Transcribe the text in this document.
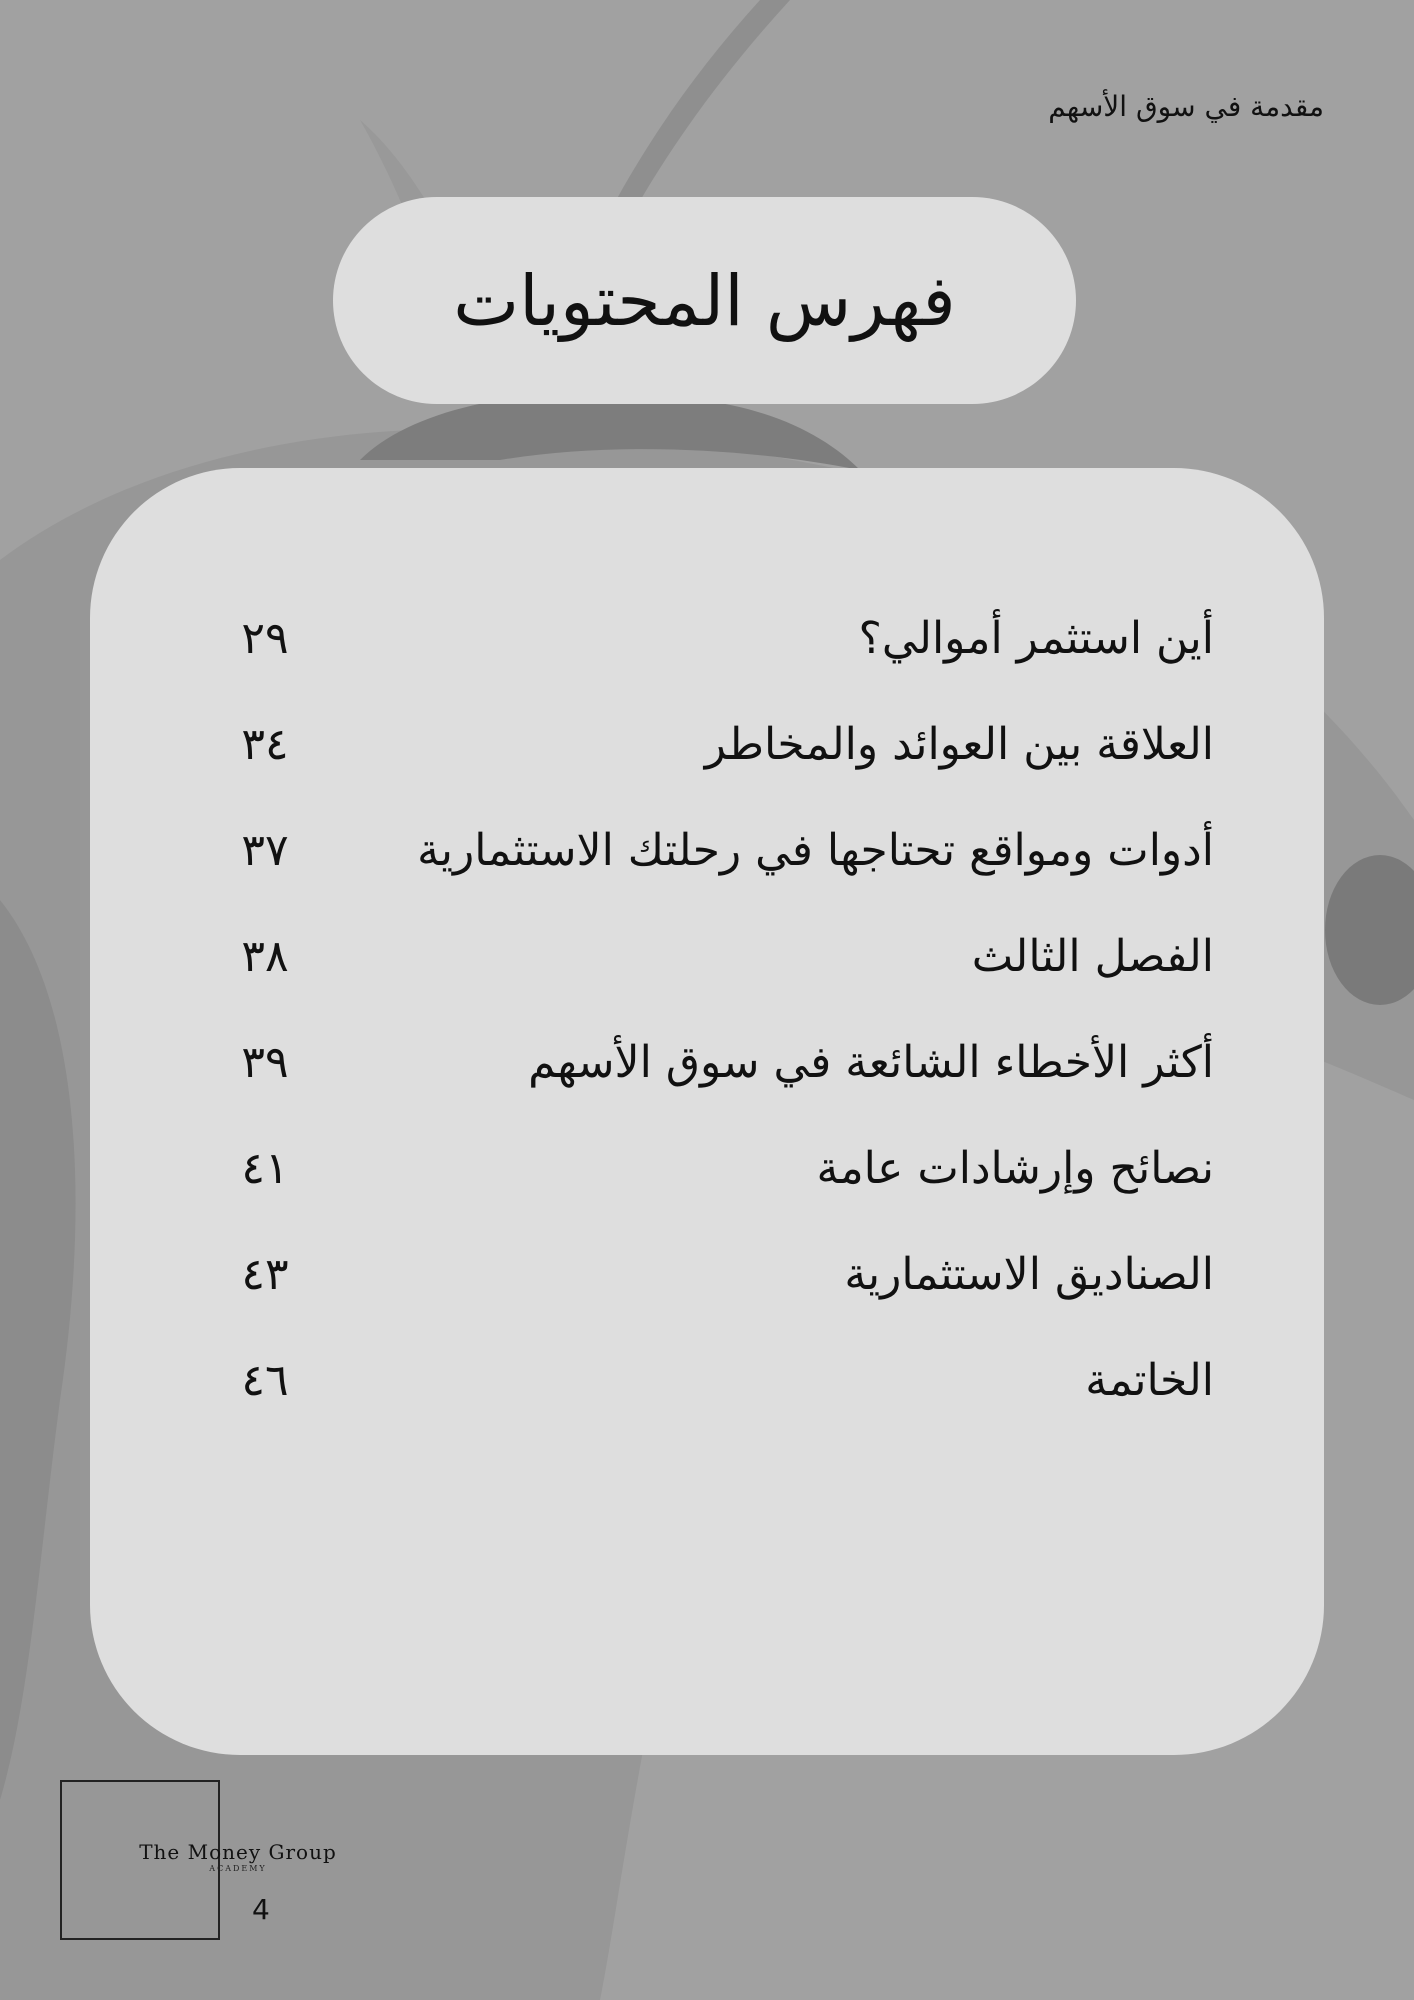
مقدمة في سوق الأسهم
فهرس المحتويات
أين استثمر أموالي؟
٢٩
العلاقة بين العوائد والمخاطر
٣٤
أدوات ومواقع تحتاجها في رحلتك الاستثمارية
٣٧
الفصل الثالث
٣٨
أكثر الأخطاء الشائعة في سوق الأسهم
٣٩
نصائح وإرشادات عامة
٤١
الصناديق الاستثمارية
٤٣
الخاتمة
٤٦
The Money Group
ACADEMY
4
